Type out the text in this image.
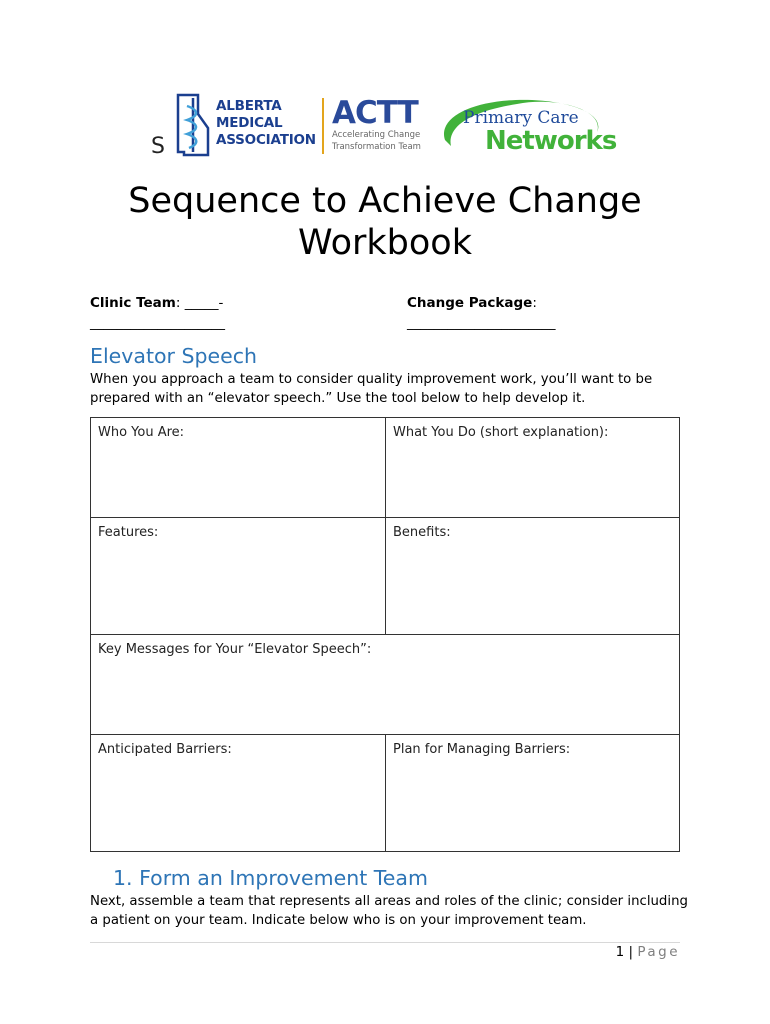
ALBERTA
MEDICAL
ASSOCIATION
S
ACTT
Accelerating Change
Transformation Team
Primary Care
Networks
Sequence to Achieve Change
Workbook
Clinic Team: _____-
____________________
Change Package:
______________________
Elevator Speech
When you approach a team to consider quality improvement work, you’ll want to be prepared with an “elevator speech.” Use the tool below to help develop it.
Who You Are:	What You Do (short explanation):
Features:	Benefits:
Key Messages for Your “Elevator Speech”:	
Anticipated Barriers:	Plan for Managing Barriers:
1. Form an Improvement Team
Next, assemble a team that represents all areas and roles of the clinic; consider including a patient on your team. Indicate below who is on your improvement team.
1 | Page
